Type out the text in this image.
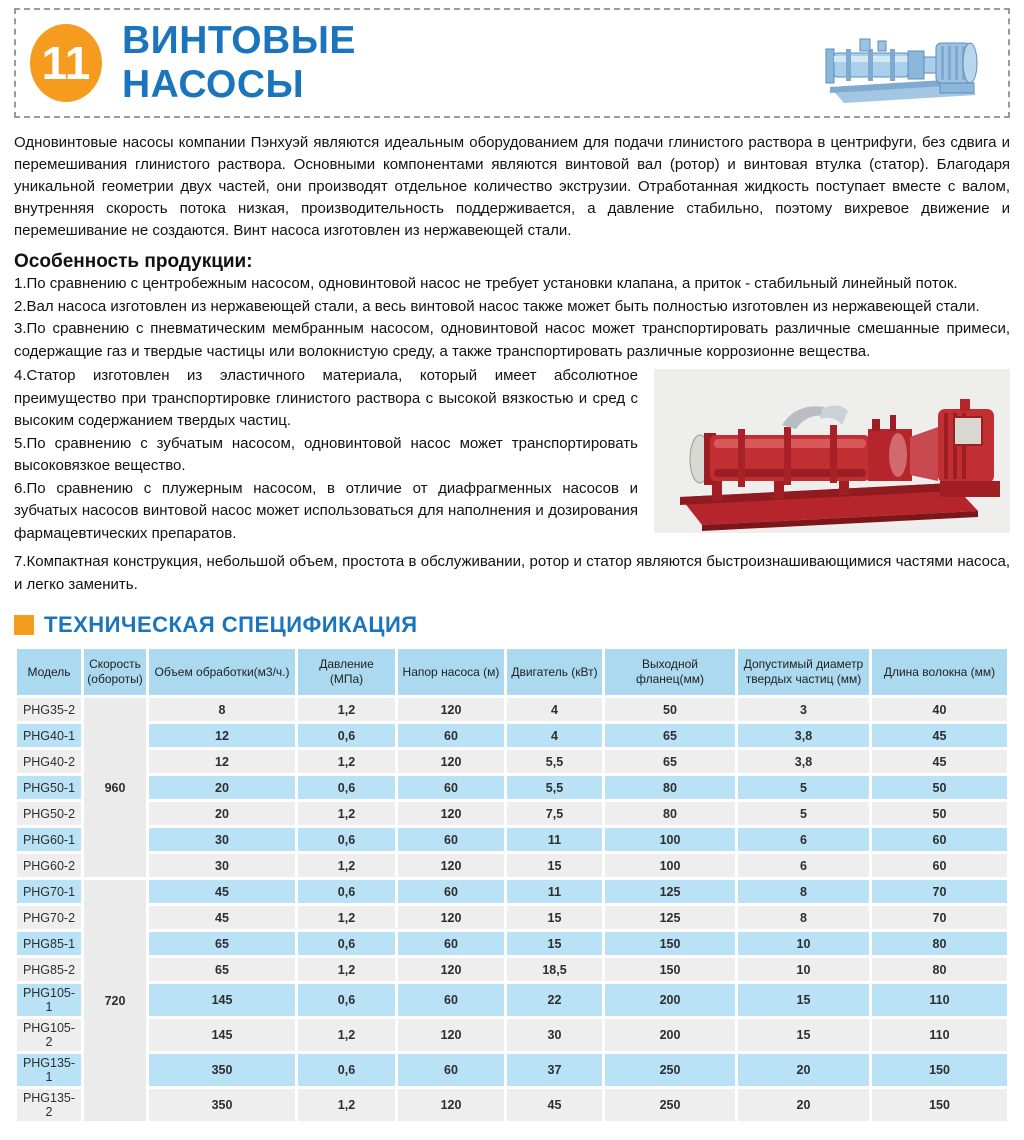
11 ВИНТОВЫЕ
НАСОСЫ

Одновинтовые насосы компании Пэнхуэй являются идеальным оборудованием для подачи глинистого раствора в центрифуги, без сдвига и перемешивания глинистого раствора. Основными компонентами являются винтовой вал (ротор) и винтовая втулка (статор). Благодаря уникальной геометрии двух частей, они производят отдельное количество экструзии. Отработанная жидкость поступает вместе с валом, внутренняя скорость потока низкая, производительность поддерживается, а давление стабильно, поэтому вихревое движение и перемешивание не создаются. Винт насоса изготовлен из нержавеющей стали.

Особенность продукции:

1.По сравнению с центробежным насосом, одновинтовой насос не требует установки клапана, а приток - стабильный линейный поток.

2.Вал насоса изготовлен из нержавеющей стали, а весь винтовой насос также может быть полностью изготовлен из нержавеющей стали.

3.По сравнению с пневматическим мембранным насосом, одновинтовой насос может транспортировать различные смешанные примеси, содержащие газ и твердые частицы или волокнистую среду, а также транспортировать различные коррозионне вещества.

4.Статор изготовлен из эластичного материала, который имеет абсолютное преимущество при транспортировке глинистого раствора с высокой вязкостью и сред с высоким содержанием твердых частиц.

5.По сравнению с зубчатым насосом, одновинтовой насос может транспортировать высоковязкое вещество.

6.По сравнению с плужерным насосом, в отличие от диафрагменных насосов и зубчатых насосов винтовой насос может использоваться для наполнения и дозирования фармацевтических препаратов.

7.Компактная конструкция, небольшой объем, простота в обслуживании, ротор и статор являются быстроизнашивающимися частями насоса, и легко заменить.

ТЕХНИЧЕСКАЯ СПЕЦИФИКАЦИЯ
Модель	Скорость (обороты)	Объем обработки(м3/ч.)	Давление (МПа)	Напор насоса (м)	Двигатель (кВт)	Выходной фланец(мм)	Допустимый диаметр твердых частиц (мм)	Длина волокна (мм)
PHG35-2	960	8	1,2	120	4	50	3	40
PHG40-1		12	0,6	60	4	65	3,8	45
PHG40-2		12	1,2	120	5,5	65	3,8	45
PHG50-1		20	0,6	60	5,5	80	5	50
PHG50-2		20	1,2	120	7,5	80	5	50
PHG60-1		30	0,6	60	11	100	6	60
PHG60-2		30	1,2	120	15	100	6	60
PHG70-1	720	45	0,6	60	11	125	8	70
PHG70-2		45	1,2	120	15	125	8	70
PHG85-1		65	0,6	60	15	150	10	80
PHG85-2		65	1,2	120	18,5	150	10	80
PHG105-1		145	0,6	60	22	200	15	110
PHG105-2		145	1,2	120	30	200	15	110
PHG135-1		350	0,6	60	37	250	20	150
PHG135-2		350	1,2	120	45	250	20	150
